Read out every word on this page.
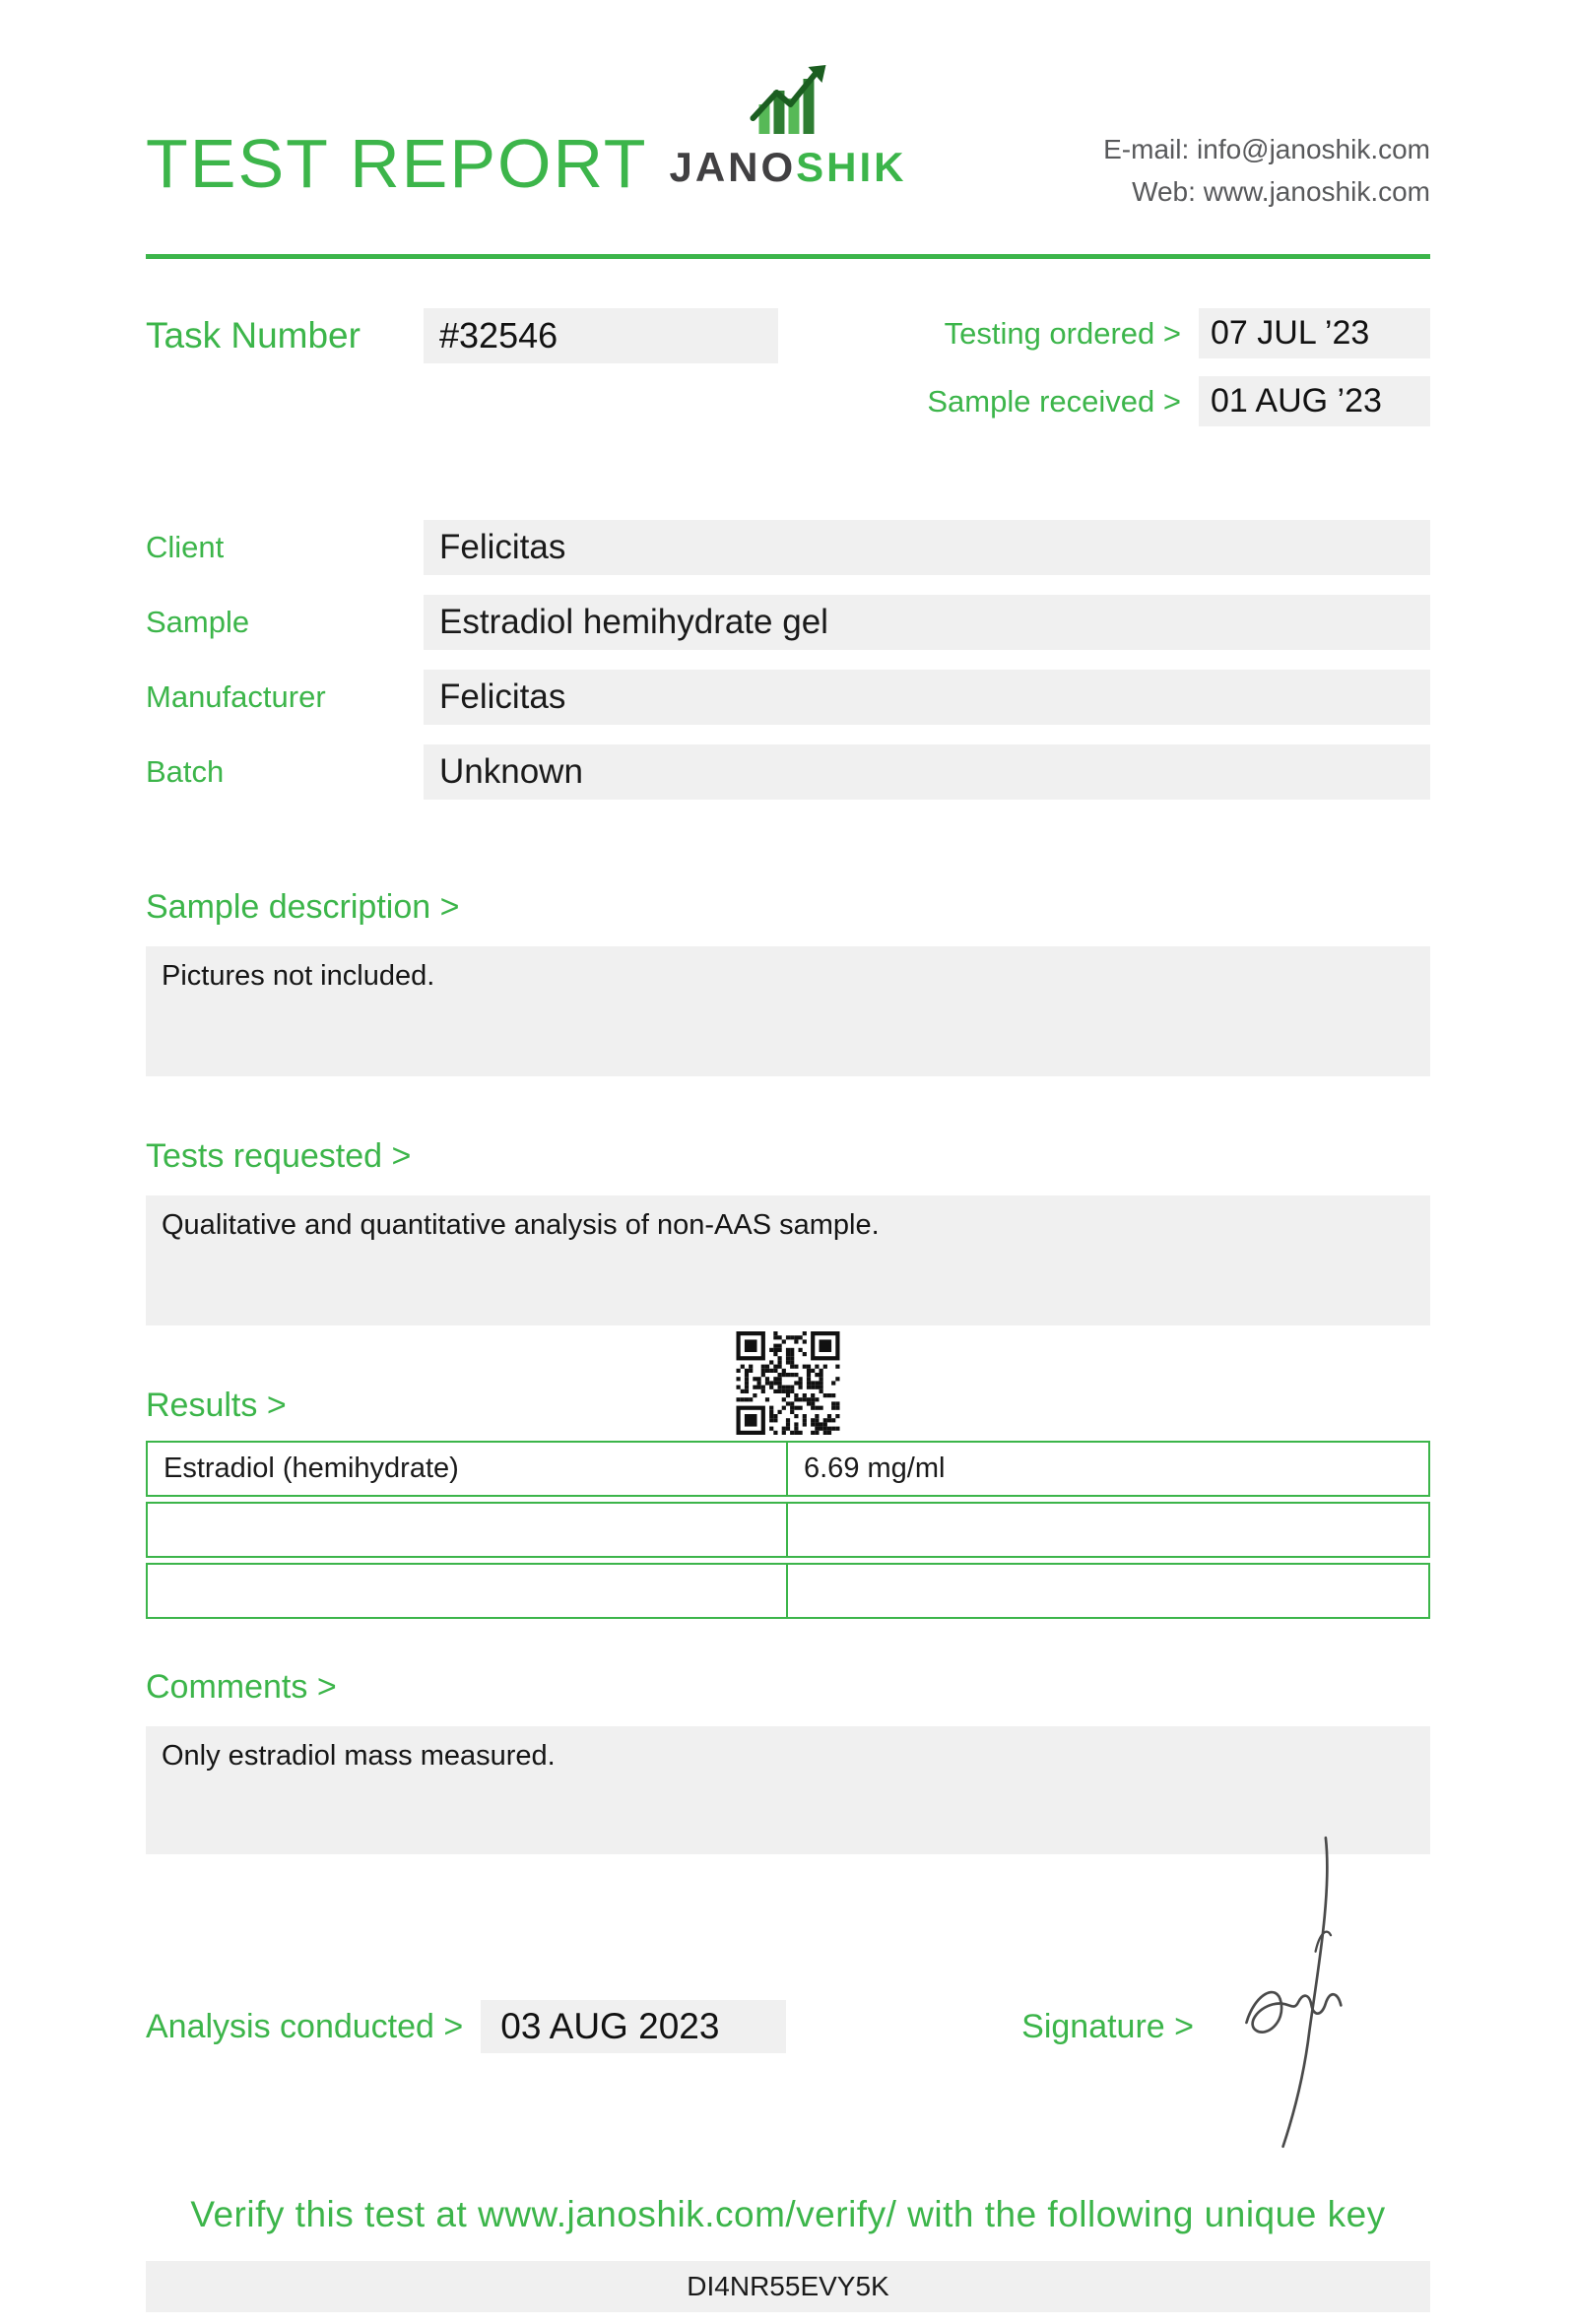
TEST REPORT JANOSHIK	E-mail: info@janoshik.com
Web: www.janoshik.com
Task Number	#32546	Testing ordered > 07 JUL ’23
Sample received > 01 AUG ’23
Client	Felicitas
Sample	Estradiol hemihydrate gel
Manufacturer	Felicitas
Batch	Unknown
Sample description >
Pictures not included.
Tests requested >
Qualitative and quantitative analysis of non-AAS sample.
Results >
Estradiol (hemihydrate)	6.69 mg/ml
Comments >
Only estradiol mass measured.
Analysis conducted >	03 AUG 2023	Signature >
Verify this test at www.janoshik.com/verify/ with the following unique key
DI4NR55EVY5K
